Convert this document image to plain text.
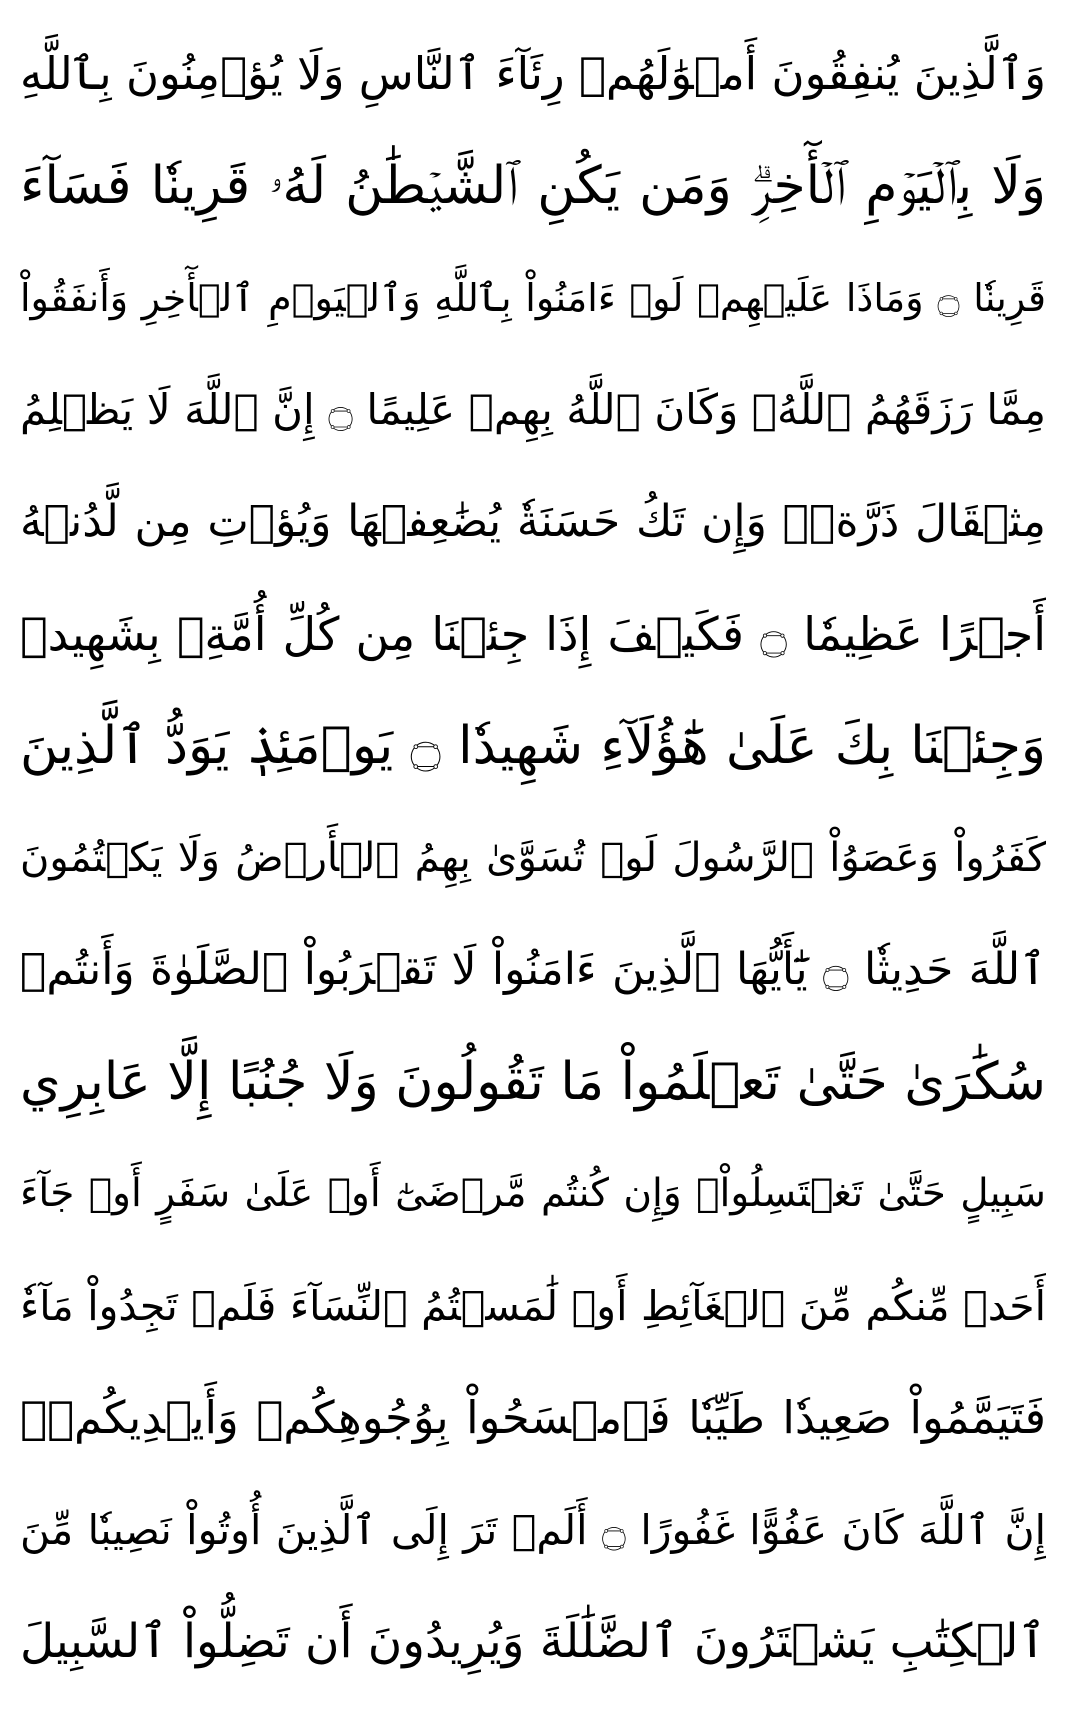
وَٱلَّذِينَ يُنفِقُونَ أَمۡوَٰلَهُمۡ رِئَآءَ ٱلنَّاسِ وَلَا يُؤۡمِنُونَ بِٱللَّهِ
وَلَا بِٱلۡيَوۡمِ ٱلۡأٓخِرِۗ وَمَن يَكُنِ ٱلشَّيۡطَٰنُ لَهُۥ قَرِينٗا فَسَآءَ
قَرِينٗا ۝ وَمَاذَا عَلَيۡهِمۡ لَوۡ ءَامَنُواْ بِٱللَّهِ وَٱلۡيَوۡمِ ٱلۡأٓخِرِ وَأَنفَقُواْ
مِمَّا رَزَقَهُمُ ٱللَّهُۚ وَكَانَ ٱللَّهُ بِهِمۡ عَلِيمًا ۝ إِنَّ ٱللَّهَ لَا يَظۡلِمُ
مِثۡقَالَ ذَرَّةٖۖ وَإِن تَكُ حَسَنَةٗ يُضَٰعِفۡهَا وَيُؤۡتِ مِن لَّدُنۡهُ
أَجۡرًا عَظِيمٗا ۝ فَكَيۡفَ إِذَا جِئۡنَا مِن كُلِّ أُمَّةِۭ بِشَهِيدٖ
وَجِئۡنَا بِكَ عَلَىٰ هَٰٓؤُلَآءِ شَهِيدٗا ۝ يَوۡمَئِذٖ يَوَدُّ ٱلَّذِينَ
كَفَرُواْ وَعَصَوُاْ ٱلرَّسُولَ لَوۡ تُسَوَّىٰ بِهِمُ ٱلۡأَرۡضُ وَلَا يَكۡتُمُونَ
ٱللَّهَ حَدِيثٗا ۝ يَٰٓأَيُّهَا ٱلَّذِينَ ءَامَنُواْ لَا تَقۡرَبُواْ ٱلصَّلَوٰةَ وَأَنتُمۡ
سُكَٰرَىٰ حَتَّىٰ تَعۡلَمُواْ مَا تَقُولُونَ وَلَا جُنُبًا إِلَّا عَابِرِي
سَبِيلٍ حَتَّىٰ تَغۡتَسِلُواْۚ وَإِن كُنتُم مَّرۡضَىٰٓ أَوۡ عَلَىٰ سَفَرٍ أَوۡ جَآءَ
أَحَدٞ مِّنكُم مِّنَ ٱلۡغَآئِطِ أَوۡ لَٰمَسۡتُمُ ٱلنِّسَآءَ فَلَمۡ تَجِدُواْ مَآءٗ
فَتَيَمَّمُواْ صَعِيدٗا طَيِّبٗا فَٱمۡسَحُواْ بِوُجُوهِكُمۡ وَأَيۡدِيكُمۡۗ
إِنَّ ٱللَّهَ كَانَ عَفُوًّا غَفُورًا ۝ أَلَمۡ تَرَ إِلَى ٱلَّذِينَ أُوتُواْ نَصِيبٗا مِّنَ
ٱلۡكِتَٰبِ يَشۡتَرُونَ ٱلضَّلَٰلَةَ وَيُرِيدُونَ أَن تَضِلُّواْ ٱلسَّبِيلَ
